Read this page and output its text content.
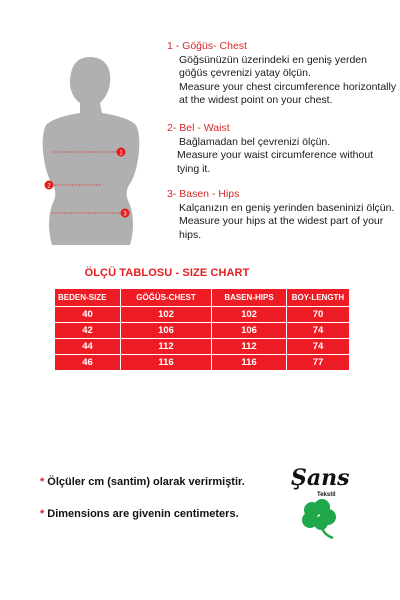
1
2
3

1 - Göğüs- Chest

Göğsünüzün üzerindeki en geniş yerden göğüs çevrenizi yatay ölçün.

Measure your chest circumference horizontally at the widest point on your chest.

2- Bel - Waist

Bağlamadan bel çevrenizi ölçün.

Measure your waist circumference without tying it.

3- Basen - Hips

Kalçanızın en geniş yerinden baseninizi ölçün.

Measure your hips at the widest part of your hips.

ÖLÇÜ TABLOSU - SIZE CHART
BEDEN-SIZE	GÖĞÜS-CHEST	BASEN-HIPS	BOY-LENGTH
40	102	102	70
42	106	106	74
44	112	112	74
46	116	116	77
* Ölçüler cm (santim) olarak verirmiştir.
* Dimensions are givenin centimeters.
Şans
Tekstil
